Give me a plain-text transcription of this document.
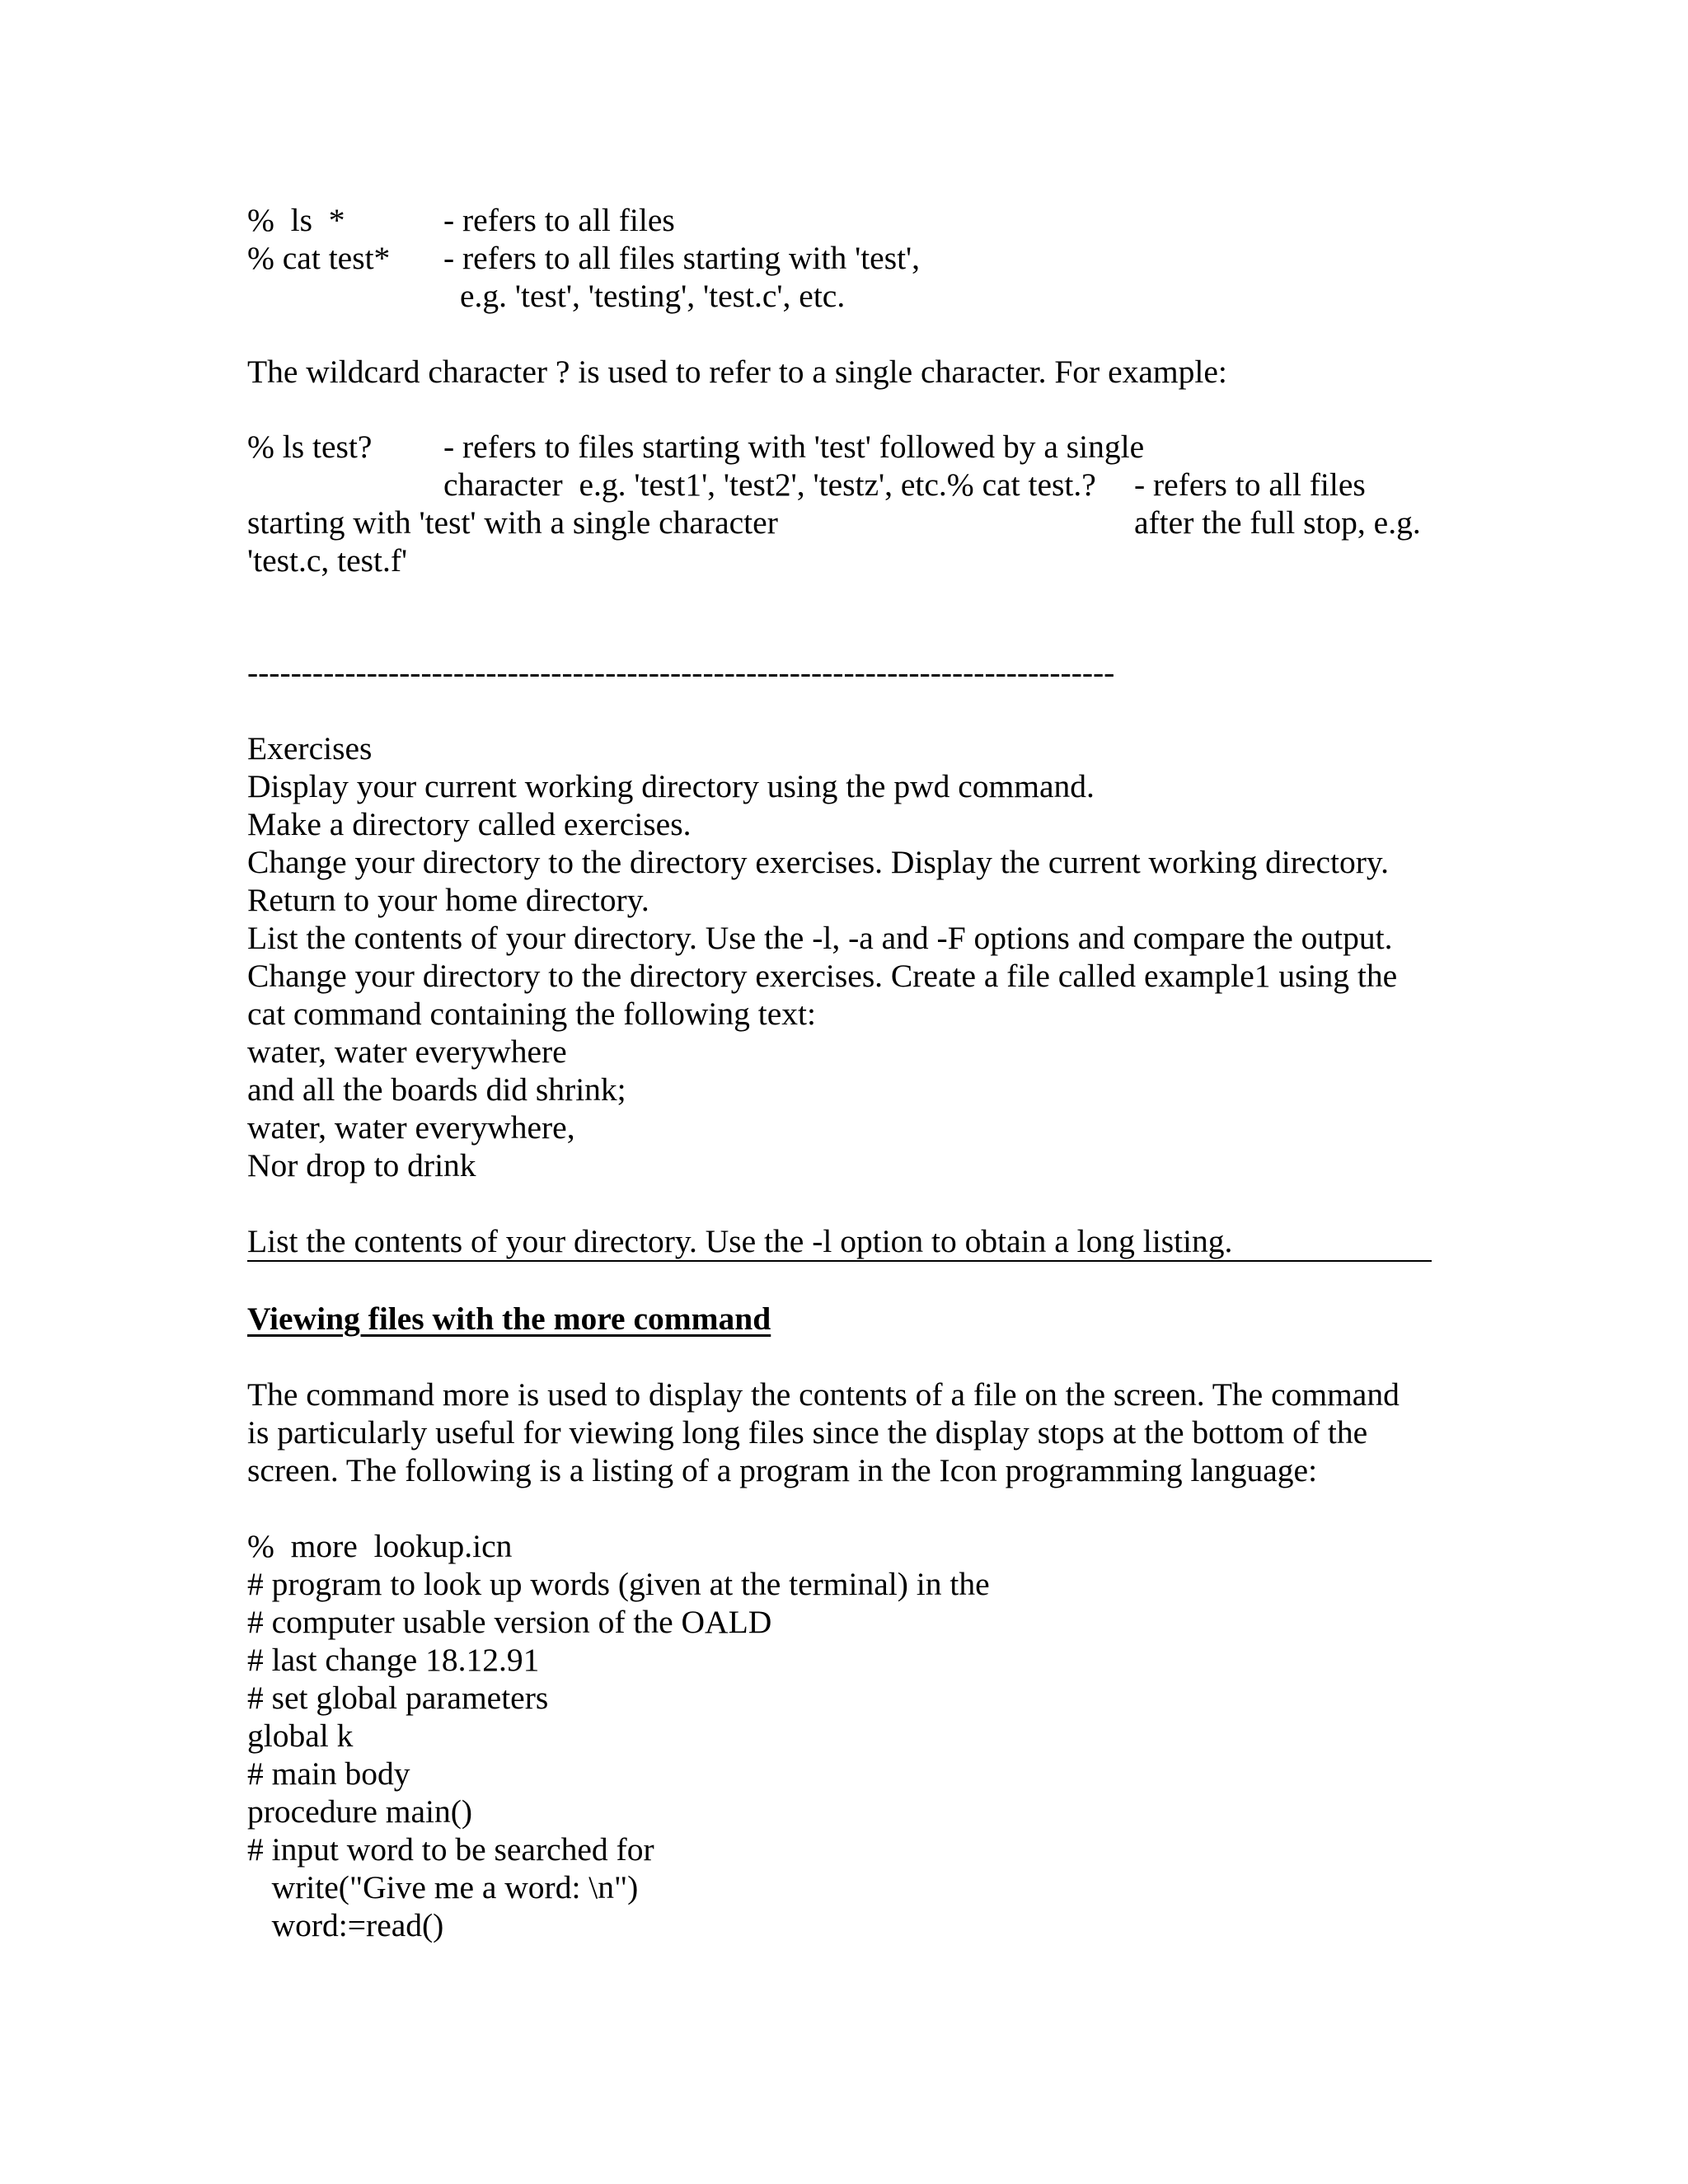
%  ls  *	- refers to all files
% cat test* - refers to all files starting with 'test',
e.g. 'test', 'testing', 'test.c', etc.
The wildcard character ? is used to refer to a single character. For example:
% ls test? - refers to files starting with 'test' followed by a single
character  e.g. 'test1', 'test2', 'testz', etc.% cat test.? - refers to all files
starting with 'test' with a single character	after the full stop, e.g.
'test.c, test.f'
--------------------------------------------------------------------------------
Exercises
Display your current working directory using the pwd command.
Make a directory called exercises.
Change your directory to the directory exercises. Display the current working directory.
Return to your home directory.
List the contents of your directory. Use the -l, -a and -F options and compare the output.
Change your directory to the directory exercises. Create a file called example1 using the
cat command containing the following text:
water, water everywhere
and all the boards did shrink;
water, water everywhere,
Nor drop to drink
List the contents of your directory. Use the -l option to obtain a long listing.
Viewing files with the more command
The command more is used to display the contents of a file on the screen. The command
is particularly useful for viewing long files since the display stops at the bottom of the
screen. The following is a listing of a program in the Icon programming language:
%  more  lookup.icn
# program to look up words (given at the terminal) in the
# computer usable version of the OALD
# last change 18.12.91
# set global parameters
global k
# main body
procedure main()
# input word to be searched for
write("Give me a word: \n")
word:=read()
